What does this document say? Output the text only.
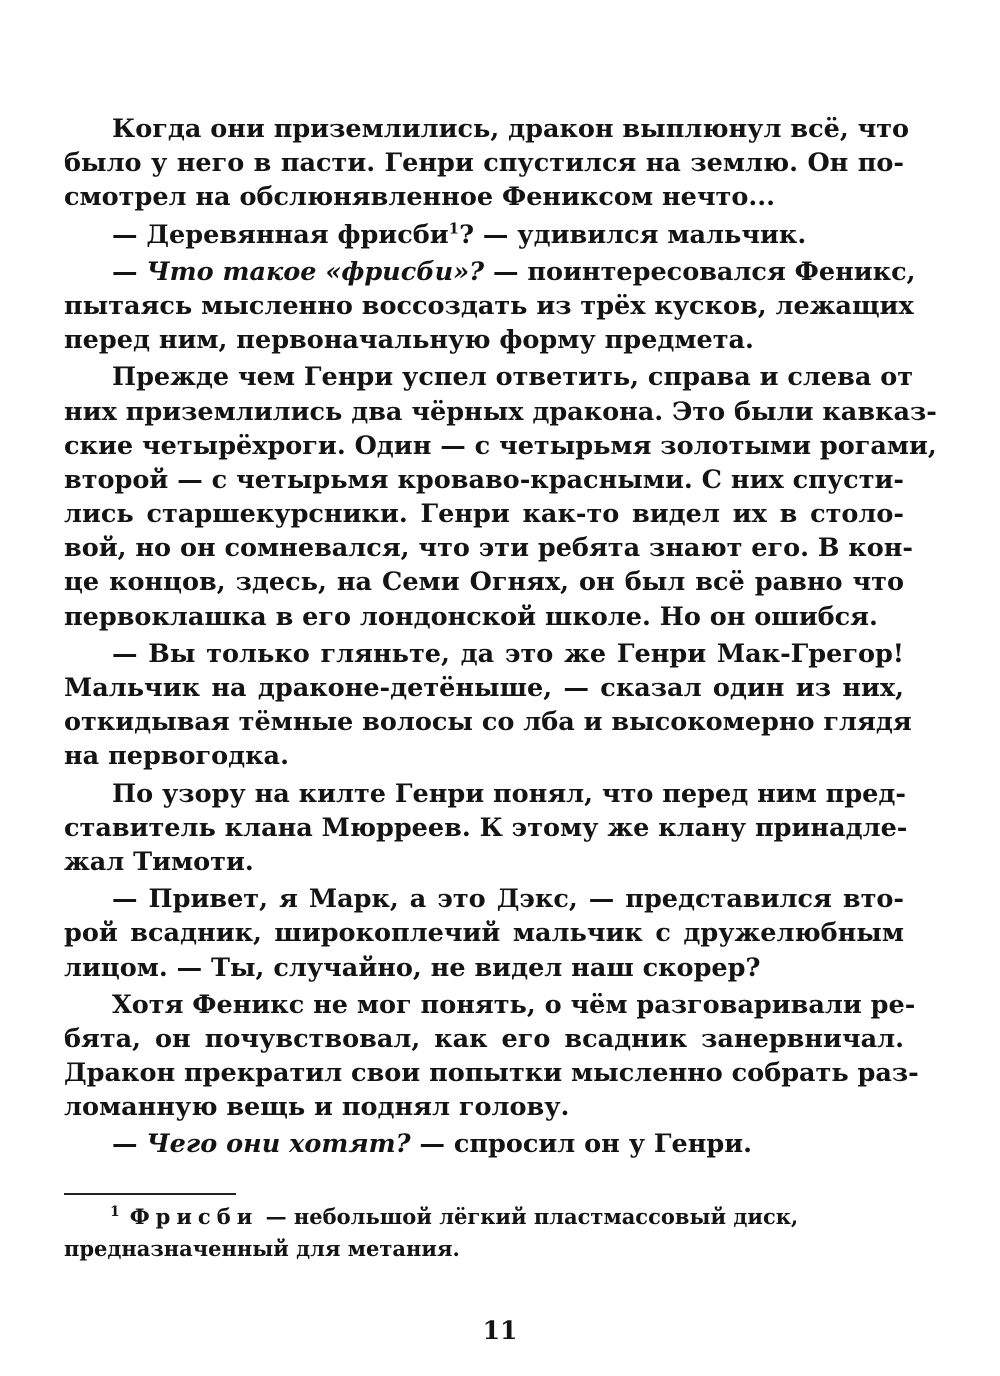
Когда они приземлились, дракон выплюнул всё, что
было у него в пасти. Генри спустился на землю. Он по-
смотрел на обслюнявленное Фениксом нечто...
— Деревянная фрисби$^1$? — удивился мальчик.
— Что такое «фрисби»? — поинтересовался Феникс,
пытаясь мысленно воссоздать из трёх кусков, лежащих
перед ним, первоначальную форму предмета.
Прежде чем Генри успел ответить, справа и слева от
них приземлились два чёрных дракона. Это были кавказ-
ские четырёхроги. Один — с четырьмя золотыми рогами,
второй — с четырьмя кроваво-красными. С них спусти-
лись старшекурсники. Генри как-то видел их в столо-
вой, но он сомневался, что эти ребята знают его. В кон-
це концов, здесь, на Семи Огнях, он был всё равно что
первоклашка в его лондонской школе. Но он ошибся.
— Вы только гляньте, да это же Генри Мак-Грегор!
Мальчик на драконе-детёныше, — сказал один из них,
откидывая тёмные волосы со лба и высокомерно глядя
на первогодка.
По узору на килте Генри понял, что перед ним пред-
ставитель клана Мюрреев. К этому же клану принадле-
жал Тимоти.
— Привет, я Марк, а это Дэкс, — представился вто-
рой всадник, широкоплечий мальчик с дружелюбным
лицом. — Ты, случайно, не видел наш скорер?
Хотя Феникс не мог понять, о чём разговаривали ре-
бята, он почувствовал, как его всадник занервничал.
Дракон прекратил свои попытки мысленно собрать раз-
ломанную вещь и поднял голову.
— Чего они хотят? — спросил он у Генри.
$^1$ Фрисби — небольшой лёгкий пластмассовый диск,
предназначенный для метания.
11
